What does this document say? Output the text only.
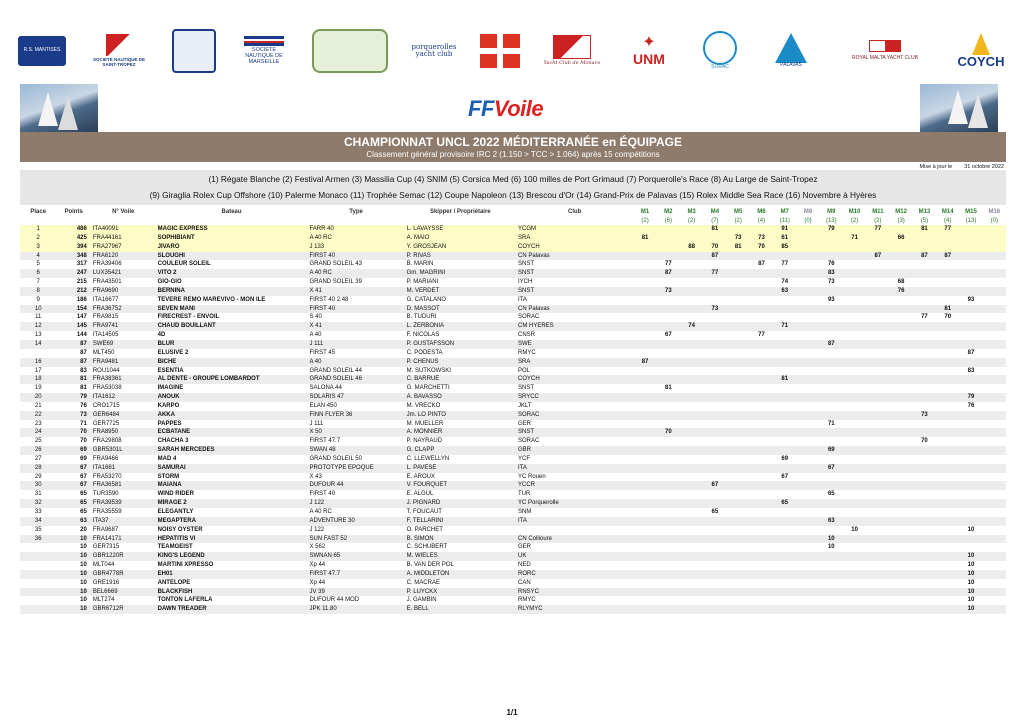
R.S. MANTISES
SOCIÉTÉ NAUTIQUE DE SAINT-TROPEZ
SOCIETE NAUTIQUE DE MARSEILLE
porquerolles yacht club
Yacht Club de Monaco
✦
UNM
SORAC	PALAVAS
ROYAL MALTA YACHT CLUB	COYCH
FFVoile
CHAMPIONNAT UNCL 2022 MÉDITERRANÉE en ÉQUIPAGE
Classement général provisoire IRC 2 (1.150 > TCC > 1.064) après 15 compétitions
Mise à jour le 31 octobre 2022
(1) Régate Blanche (2) Festival Armen (3) Massilia Cup (4) SNIM (5) Corsica Med (6) 100 milles de Port Grimaud (7) Porquerolle's Race (8) Au Large de Saint-Tropez
(9) Giraglia Rolex Cup Offshore (10) Palerme Monaco (11) Trophée Semac (12) Coupe Napoleon (13) Brescou d'Or (14) Grand-Prix de Palavas (15) Rolex Middle Sea Race (16) Novembre à Hyères
Place	Points	N° Voile	Bateau	Type	Skipper / Propriétaire	Club	M1	M2	M3	M4	M5	M6	M7	M8	M9	M10	M11	M12	M13	M14	M15	M16
							(2)	(6)	(2)	(7)	(2)	(4)	(11)	(0)	(13)	(2)	(2)	(3)	(5)	(4)	(13)	(0)
1	486	ITA40091	MAGIC EXPRESS	FARR 40	L. LAVAYSSE	YCGM				81			91		79		77		81	77		
2	425	FRA44161	SOPHIBIANT	A 40 RC	A. MAIO	SRA	81				73	73	61			71		66				
3	394	FRA27967	JIVARO	J 133	Y. GROSJEAN	COYCH			88	70	81	70	85									
4	348	FRA6120	SLOUGHI	FIRST 40	P. RIVAS	CN Palavas				87							87		87	87		
5	317	FRA39406	COULEUR SOLEIL	GRAND SOLEIL 43	B. MARIN	SNST		77				87	77		76							
6	247	LUX35421	VITO 2	A 40 RC	Gm. MAGRINI	SNST		87		77					83							
7	215	FRA43501	GIO-GIO	GRAND SOLEIL 39	P. MARIANI	IYCH							74		73			68				
8	212	FRA9690	BERNINA	X 41	M. VERDET	SNST		73					63					76				
9	186	ITA16677	TEVERE REMO MAREVIVO - MON ILE	FIRST 40 2.48	G. CATALANO	ITA									93						93	
10	154	FRA36752	SEVEN MANI	FIRST 40	D. MASSOT	CN Palavas				73										81		
11	147	FRA9815	FIRECREST - ENVOIL	S 40	B. TUDURI	SORAC													77	70		
12	145	FRA9741	CHAUD BOUILLANT	X 41	L. ZERBONIA	CM HYERES			74				71									
13	144	ITA14505	4D	A 40	F. NICOLAS	CNSR		67				77										
14	87	SWE69	BLUR	J 111	P. GUSTAFSSON	SWE									87							
	87	MLT450	ELUSIVE 2	FIRST 45	C. PODESTA	RMYC															87	
16	87	FRA9481	BICHE	A 40	P. CHENUS	SRA	87															
17	83	ROU1044	ESENTIA	GRAND SOLEIL 44	M. SUTKOWSKI	POL															83	
18	81	FRA38361	AL DENTE - GROUPE LOMBARDOT	GRAND SOLEIL 46	C. BARRUE	COYCH							81									
19	81	FRA53038	IMAGINE	SALONA 44	G. MARCHETTI	SNST		81														
20	79	ITA1612	ANOUK	SOLARIS 47	A. BAVASSO	SRYCC															79	
21	76	CRO1715	KARPO	ELAN 450	M. VRECKO	JKLT															76	
22	73	GER6484	AKKA	FINN FLYER 36	Jm. LO PINTO	SORAC													73			
23	71	GER7725	PAPPES	J 111	M. MUELLER	GER									71							
24	70	FRA8950	ECBATANE	X 50	A. MONNIER	SNST		70														
25	70	FRA29808	CHACHA 3	FIRST 47.7	P. NAYRAUD	SORAC													70			
26	69	GBR5301L	SARAH MERCEDES	SWAN 48	G. CLAPP	GBR									69							
27	69	FRA9466	MAD 4	GRAND SOLEIL 50	C. LLEWELLYN	YCF							69									
28	67	ITA1681	SAMURAI	PROTOTYPE EPOQUE	L. PAVESE	ITA									67							
29	67	FRA53270	STORM	X 43	E. AROUX	YC Rouen							67									
30	67	FRA36581	MAIANA	DUFOUR 44	V. FOURQUET	YCCR				67												
31	65	TUR3590	WIND RIDER	FIRST 40	E. ALGUL	TUR									65							
32	65	FRA39539	MIRAGE 2	J 122	J. PIGNARD	YC Porquerolle							65									
33	65	FRA35559	ELEGANTLY	A 40 RC	T. FOUCAUT	SNM				65												
34	63	ITA37	MEGAPTERA	ADVENTURE 30	F. TELLARINI	ITA									63							
35	20	FRA9687	NOISY OYSTER	J 122	O. PARCHET											10					10	
36	10	FRA14171	HEPATITIS VI	SUN FAST 52	B. SIMON	CN Collioure									10							
	10	GER7315	TEAMGEIST	X 562	C. SCHUBERT	GER									10							
	10	GBR1220R	KING'S LEGEND	SWNAN 65	M. WIELES	UK															10	
	10	MLT044	MARTINI XPRESSO	Xp 44	B. VAN DER POL	NED															10	
	10	GBR4778R	EH01	FIRST 47.7	A. MIDDLETON	RORC															10	
	10	GRE1916	ANTELOPE	Xp 44	C. MACRAE	CAN															10	
	10	BEL6669	BLACKFISH	JV 39	P. LUYCKX	RNSYC															10	
	10	MLT274	TONTON LAFERLA	DUFOUR 44 MOD	J. GAMBIN	RMYC															10	
	10	GBR6712R	DAWN TREADER	JPK 11.80	E. BELL	RLYMYC															10	
1/1
